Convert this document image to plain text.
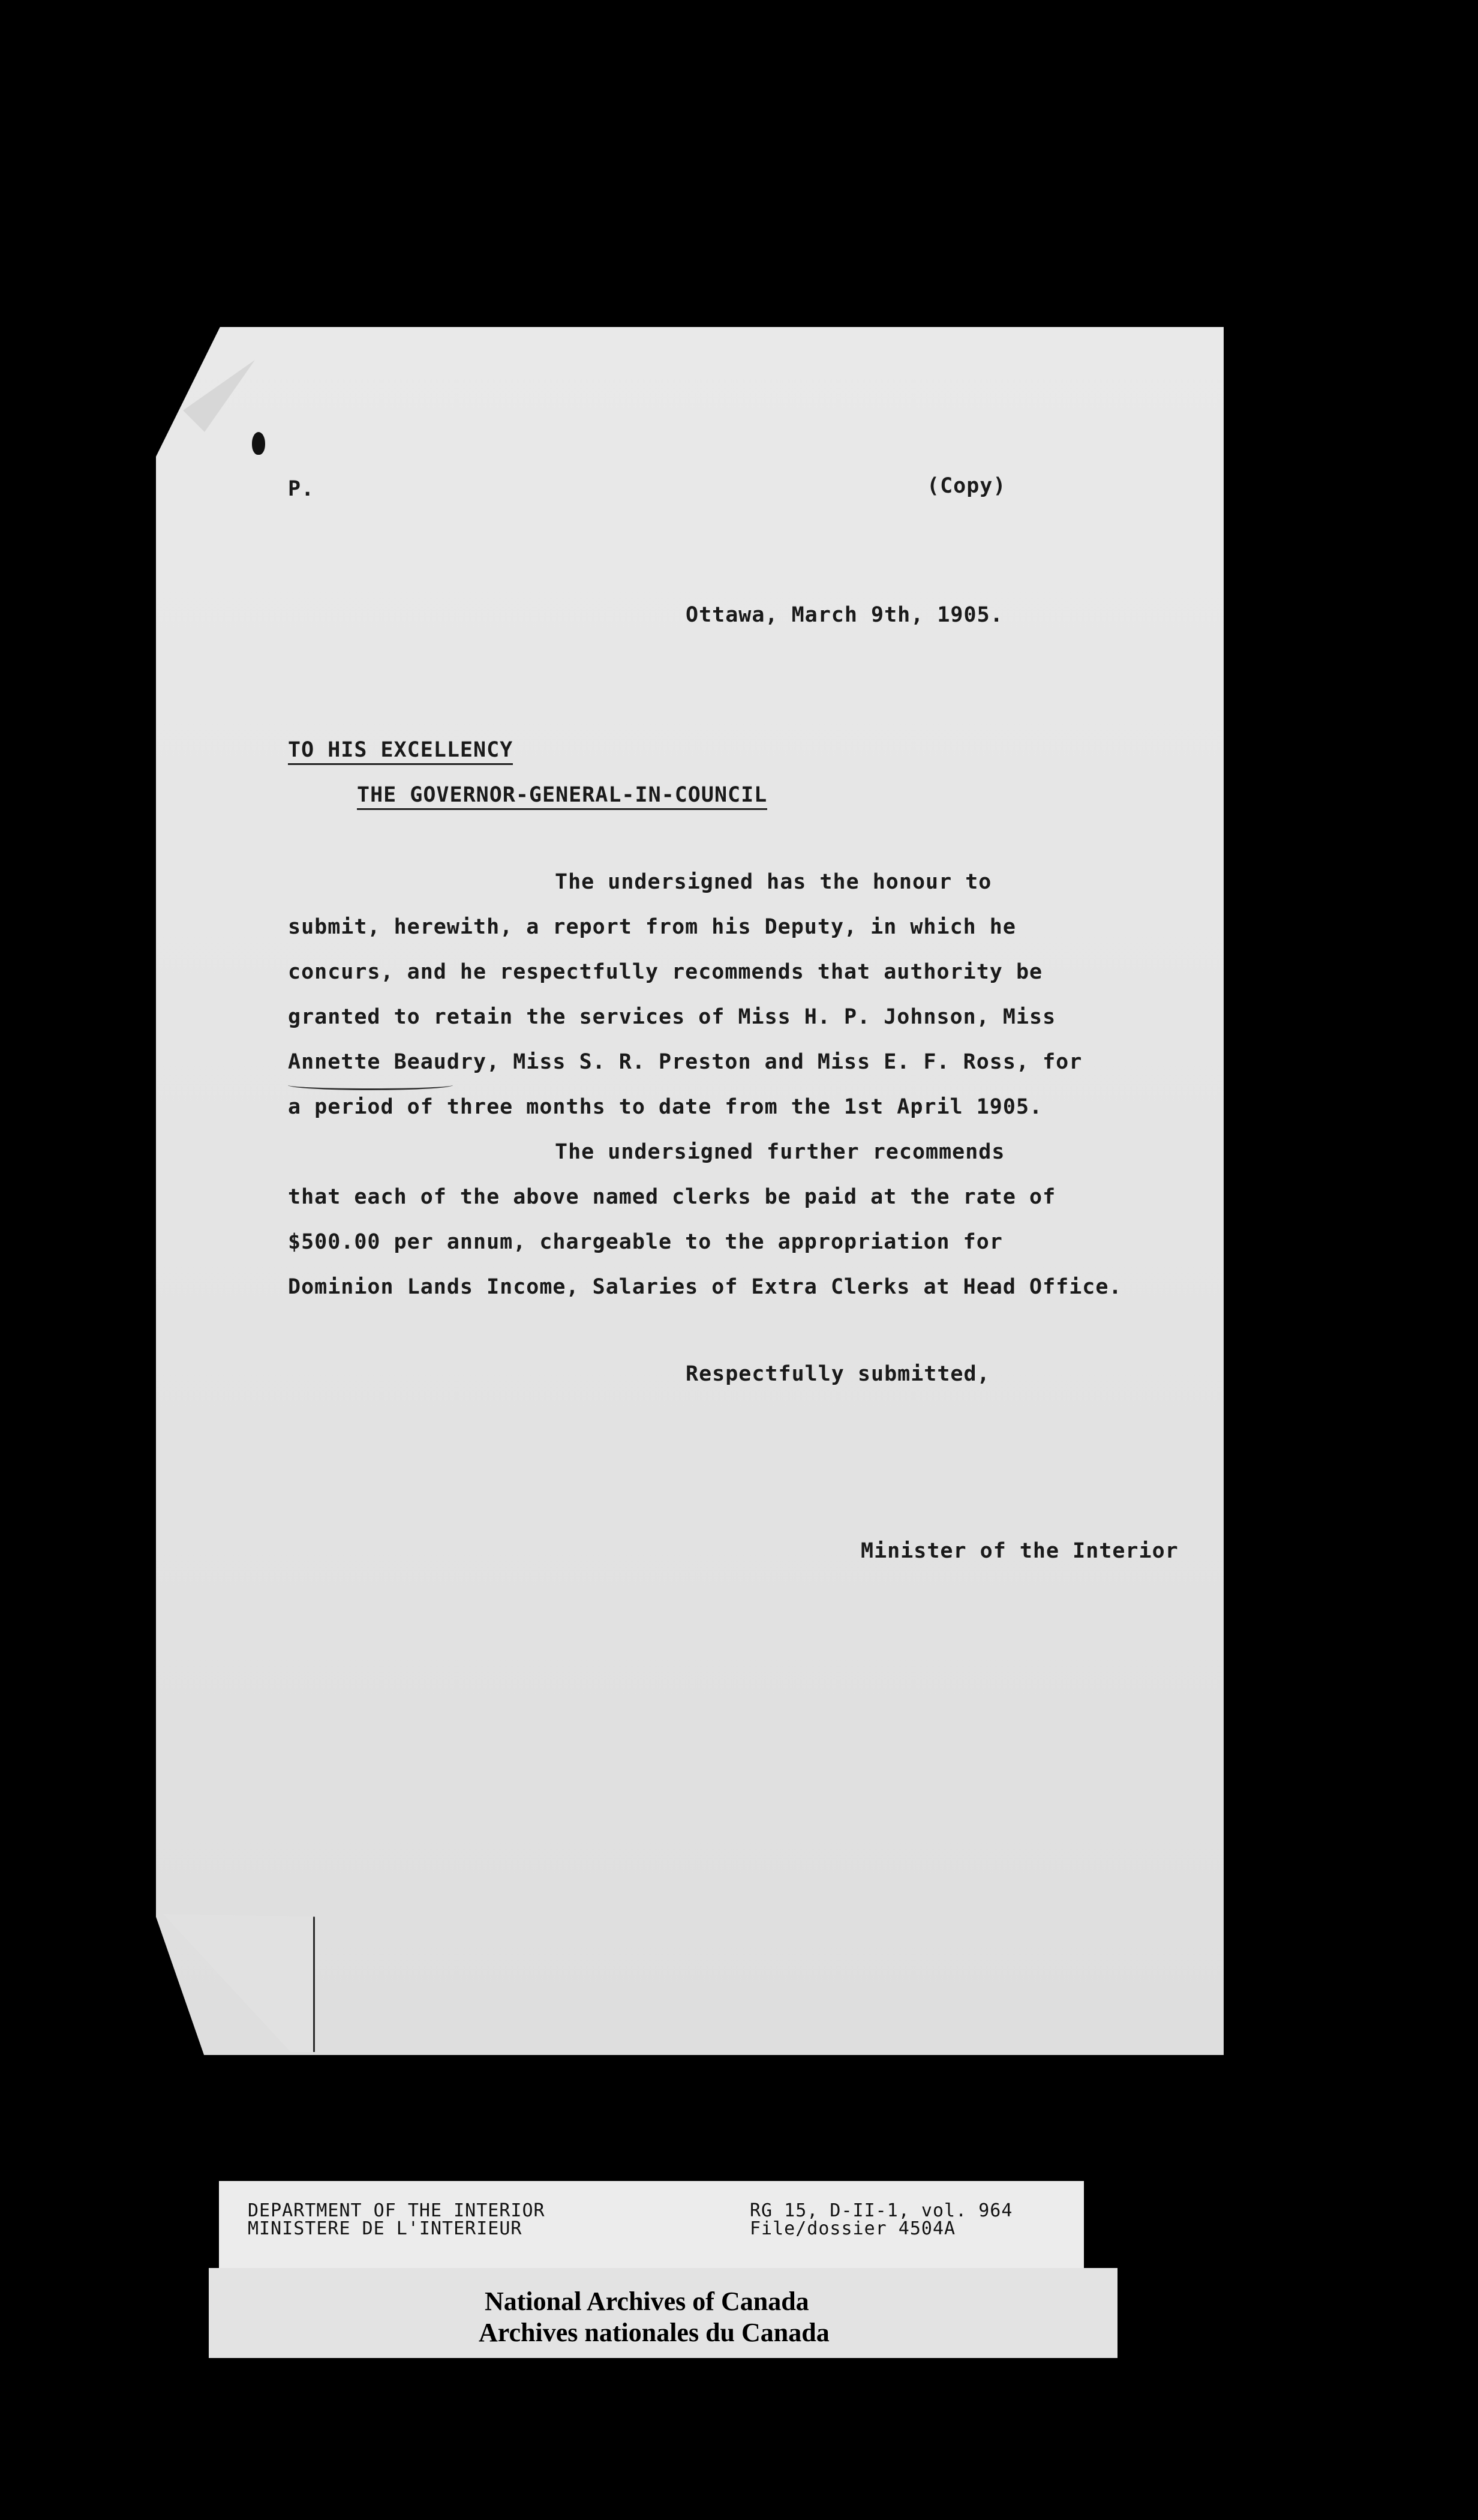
P.	(Copy)
Ottawa, March 9th, 1905.
TO HIS EXCELLENCY
THE GOVERNOR-GENERAL-IN-COUNCIL
The undersigned has the honour to
submit, herewith, a report from his Deputy, in which he
concurs, and he respectfully recommends that authority be
granted to retain the services of Miss H. P. Johnson, Miss
Annette Beaudry, Miss S. R. Preston and Miss E. F. Ross, for
a period of three months to date from the 1st April 1905.
The undersigned further recommends
that each of the above named clerks be paid at the rate of
$500.00 per annum, chargeable to the appropriation for
Dominion Lands Income, Salaries of Extra Clerks at Head Office.
Respectfully submitted,
Minister of the Interior
DEPARTMENT OF THE INTERIOR
MINISTERE DE L'INTERIEUR
RG 15, D-II-1, vol. 964
File/dossier 4504A
National Archives of Canada
Archives nationales du Canada
